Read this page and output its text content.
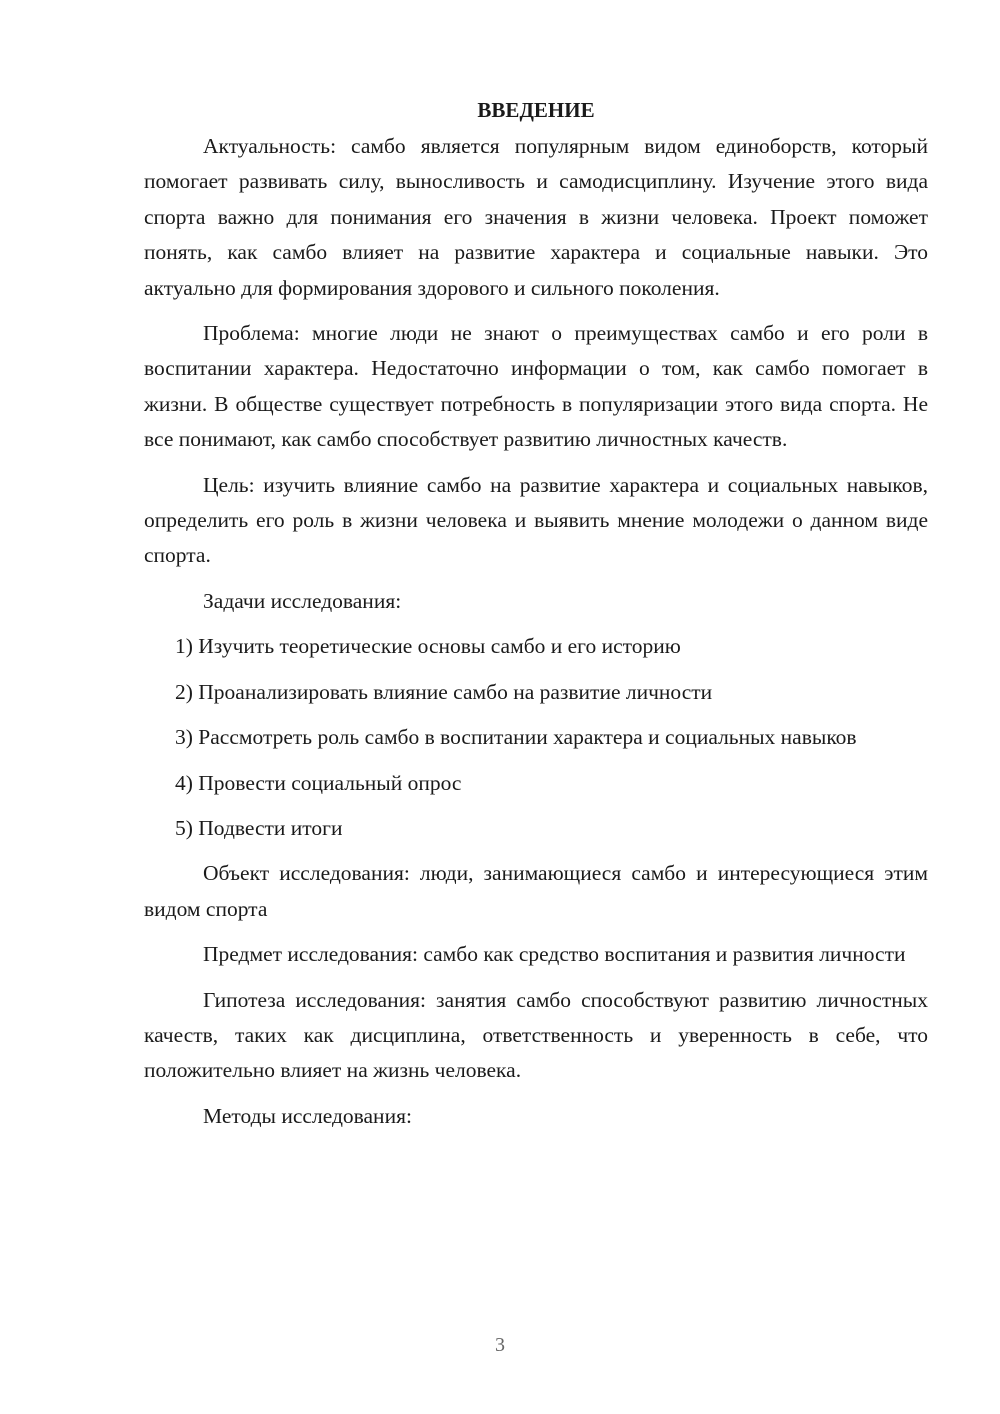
ВВЕДЕНИЕ

Актуальность: самбо является популярным видом единоборств, который помогает развивать силу, выносливость и самодисциплину. Изучение этого вида спорта важно для понимания его значения в жизни человека. Проект поможет понять, как самбо влияет на развитие характера и социальные навыки. Это актуально для формирования здорового и сильного поколения.

Проблема: многие люди не знают о преимуществах самбо и его роли в воспитании характера. Недостаточно информации о том, как самбо помогает в жизни. В обществе существует потребность в популяризации этого вида спорта. Не все понимают, как самбо способствует развитию личностных качеств.

Цель: изучить влияние самбо на развитие характера и социальных навыков, определить его роль в жизни человека и выявить мнение молодежи о данном виде спорта.

Задачи исследования:

1) Изучить теоретические основы самбо и его историю

2) Проанализировать влияние самбо на развитие личности

3) Рассмотреть роль самбо в воспитании характера и социальных навыков

4) Провести социальный опрос

5) Подвести итоги

Объект исследования: люди, занимающиеся самбо и интересующиеся этим видом спорта

Предмет исследования: самбо как средство воспитания и развития личности

Гипотеза исследования: занятия самбо способствуют развитию личностных качеств, таких как дисциплина, ответственность и уверенность в себе, что положительно влияет на жизнь человека.

Методы исследования:

3
